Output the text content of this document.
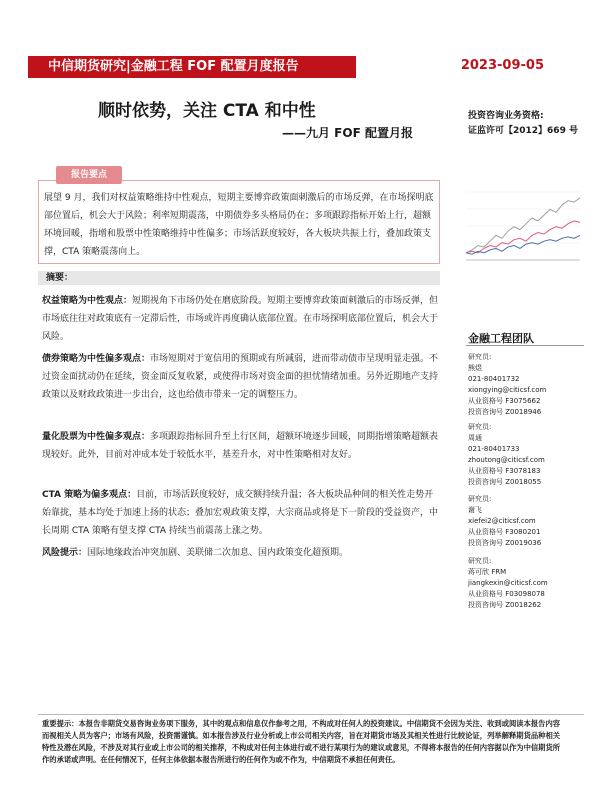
中信期货研究|金融工程 FOF 配置月度报告	2023-09-05
顺时依势，关注 CTA 和中性
——九月 FOF 配置月报
投资咨询业务资格:
证监许可【2012】669 号
报告要点
展望 9 月，我们对权益策略维持中性观点，短期主要博弈政策面刺激后的市场反弹，在市场探明底部位置后，机会大于风险；利率短期震荡，中期债券多头格局仍在；多项跟踪指标开始上行，超额环境回暖，指增和股票中性策略维持中性偏多；市场活跃度较好，各大板块共振上行，叠加政策支撑，CTA 策略震荡向上。
摘要：
权益策略为中性观点：短期视角下市场仍处在磨底阶段。短期主要博弈政策面刺激后的市场反弹，但市场底往往对政策底有一定滞后性，市场或许再度确认底部位置。在市场探明底部位置后，机会大于风险。
债券策略为中性偏多观点：市场短期对于宽信用的预期或有所减弱，进而带动债市呈现明显走强。不过资金面扰动仍在延续，资金面反复收紧，或使得市场对资金面的担忧情绪加重。另外近期地产支持政策以及财政政策进一步出台，这也给债市带来一定的调整压力。
量化股票为中性偏多观点：多项跟踪指标回升至上行区间，超额环境逐步回暖，同期指增策略超额表现较好。此外，目前对冲成本处于较低水平，基差升水，对中性策略相对友好。
CTA 策略为偏多观点：目前，市场活跃度较好，成交额持续升温；各大板块品种间的相关性走势开始靠拢，基本均处于加速上扬的状态；叠加宏观政策支撑，大宗商品或将是下一阶段的受益资产，中长周期 CTA 策略有望支撑 CTA 持续当前震荡上涨之势。
风险提示：国际地缘政治冲突加剧、美联储二次加息、国内政策变化超预期。
金融工程团队
研究员:
熊煜
021-80401732
xiongying@citicsf.com
从业资格号 F3075662
投资咨询号 Z0018946
研究员:
周通
021-80401733
zhoutong@citicsf.com
从业资格号 F3078183
投资咨询号 Z0018055
研究员:
谢飞
xiefei2@citicsf.com
从业资格号 F3080201
投资咨询号 Z0019036
研究员:
蒋可欣 FRM
jiangkexin@citicsf.com
从业资格号 F03098078
投资咨询号 Z0018262
重要提示：本报告非期货交易咨询业务项下服务，其中的观点和信息仅作参考之用，不构成对任何人的投资建议。中信期货不会因为关注、收到或阅读本报告内容而视相关人员为客户；市场有风险，投资需谨慎。如本报告涉及行业分析或上市公司相关内容，旨在对期货市场及其相关性进行比较论证，列举解释期货品种相关特性及潜在风险，不涉及对其行业或上市公司的相关推荐，不构成对任何主体进行或不进行某项行为的建议或意见，不得将本报告的任何内容据以作为中信期货所作的承诺或声明。在任何情况下，任何主体依据本报告所进行的任何作为或不作为，中信期货不承担任何责任。
